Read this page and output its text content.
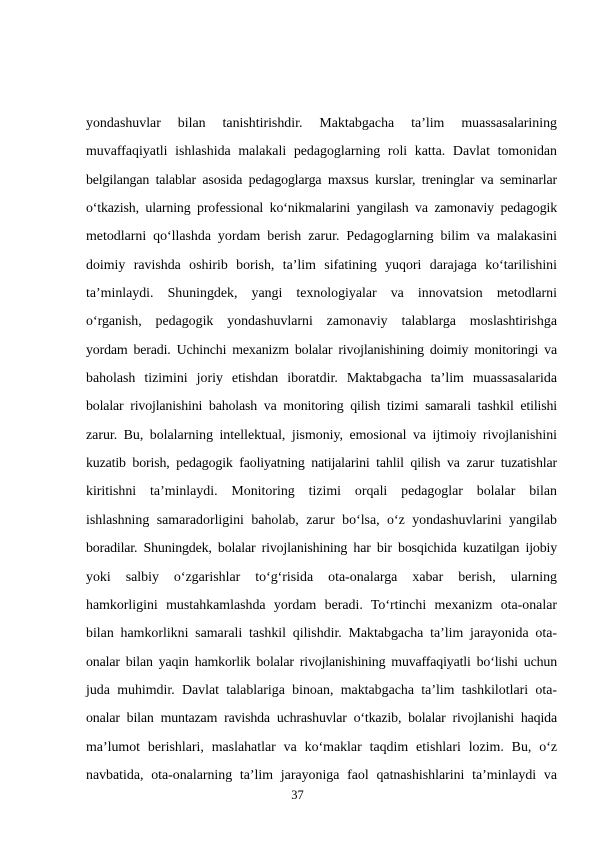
yondashuvlar bilan tanishtirishdir. Maktabgacha ta’lim muassasalarining
muvaffaqiyatli ishlashida malakali pedagoglarning roli katta. Davlat tomonidan
belgilangan talablar asosida pedagoglarga maxsus kurslar, treninglar va seminarlar
o‘tkazish, ularning professional ko‘nikmalarini yangilash va zamonaviy pedagogik
metodlarni qo‘llashda yordam berish zarur. Pedagoglarning bilim va malakasini
doimiy ravishda oshirib borish, ta’lim sifatining yuqori darajaga ko‘tarilishini
ta’minlaydi. Shuningdek, yangi texnologiyalar va innovatsion metodlarni
o‘rganish, pedagogik yondashuvlarni zamonaviy talablarga moslashtirishga
yordam beradi. Uchinchi mexanizm bolalar rivojlanishining doimiy monitoringi va
baholash tizimini joriy etishdan iboratdir. Maktabgacha ta’lim muassasalarida
bolalar rivojlanishini baholash va monitoring qilish tizimi samarali tashkil etilishi
zarur. Bu, bolalarning intellektual, jismoniy, emosional va ijtimoiy rivojlanishini
kuzatib borish, pedagogik faoliyatning natijalarini tahlil qilish va zarur tuzatishlar
kiritishni ta’minlaydi. Monitoring tizimi orqali pedagoglar bolalar bilan
ishlashning samaradorligini baholab, zarur bo‘lsa, o‘z yondashuvlarini yangilab
boradilar. Shuningdek, bolalar rivojlanishining har bir bosqichida kuzatilgan ijobiy
yoki salbiy o‘zgarishlar to‘g‘risida ota-onalarga xabar berish, ularning
hamkorligini mustahkamlashda yordam beradi. To‘rtinchi mexanizm ota-onalar
bilan hamkorlikni samarali tashkil qilishdir. Maktabgacha ta’lim jarayonida ota-
onalar bilan yaqin hamkorlik bolalar rivojlanishining muvaffaqiyatli bo‘lishi uchun
juda muhimdir. Davlat talablariga binoan, maktabgacha ta’lim tashkilotlari ota-
onalar bilan muntazam ravishda uchrashuvlar o‘tkazib, bolalar rivojlanishi haqida
ma’lumot berishlari, maslahatlar va ko‘maklar taqdim etishlari lozim. Bu, o‘z
navbatida, ota-onalarning ta’lim jarayoniga faol qatnashishlarini ta’minlaydi va
37
